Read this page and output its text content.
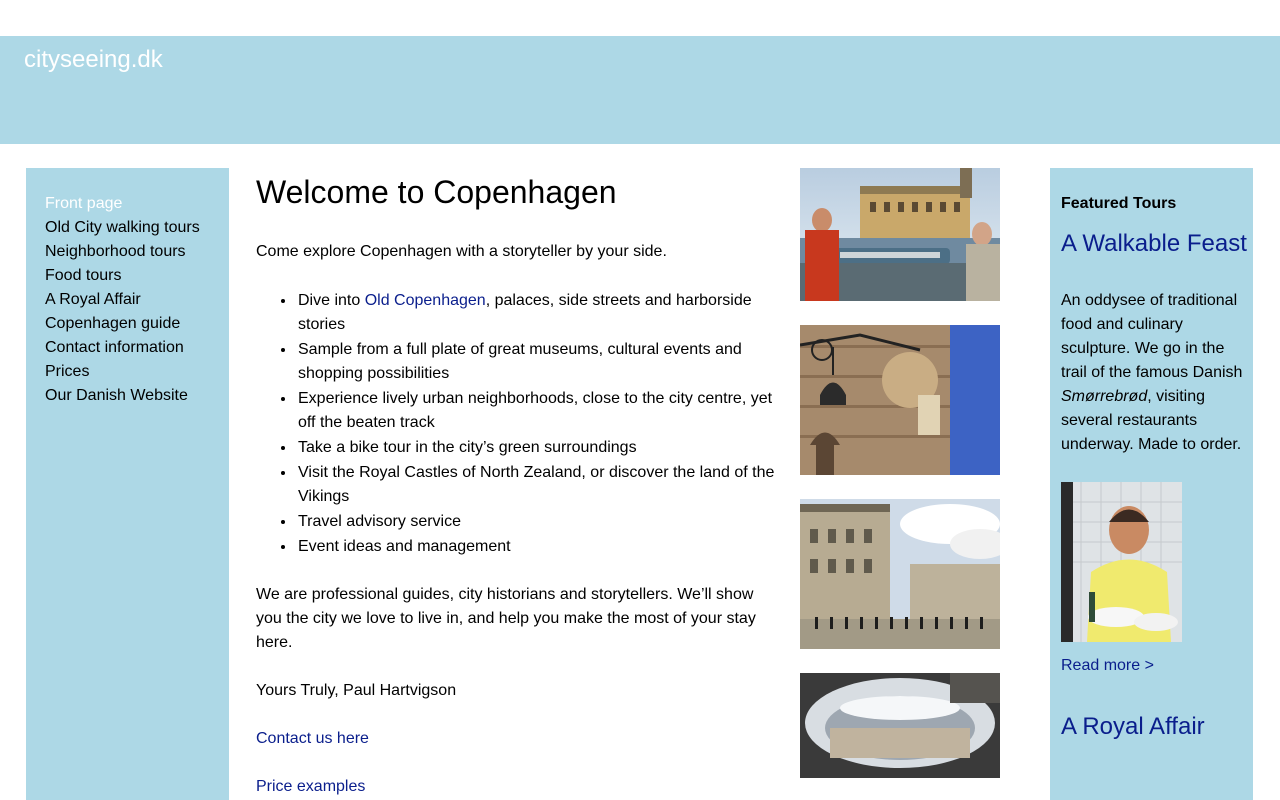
cityseeing.dk
Front page
Old City walking tours
Neighborhood tours
Food tours
A Royal Affair
Copenhagen guide
Contact information
Prices
Our Danish Website
Welcome to Copenhagen

Come explore Copenhagen with a storyteller by your side.

• Dive into Old Copenhagen, palaces, side streets and harborside stories
• Sample from a full plate of great museums, cultural events and shopping possibilities
• Experience lively urban neighborhoods, close to the city centre, yet off the beaten track
• Take a bike tour in the city’s green surroundings
• Visit the Royal Castles of North Zealand, or discover the land of the Vikings
• Travel advisory service
• Event ideas and management

We are professional guides, city historians and storytellers. We’ll show you the city we love to live in, and help you make the most of your stay here.

Yours Truly, Paul Hartvigson

Contact us here

Price examples

Featured Tours

A Walkable Feast

An oddysee of traditional food and culinary sculpture. We go in the trail of the famous Danish Smørrebrød, visiting several restaurants underway. Made to order.

Read more >
A Royal Affair
